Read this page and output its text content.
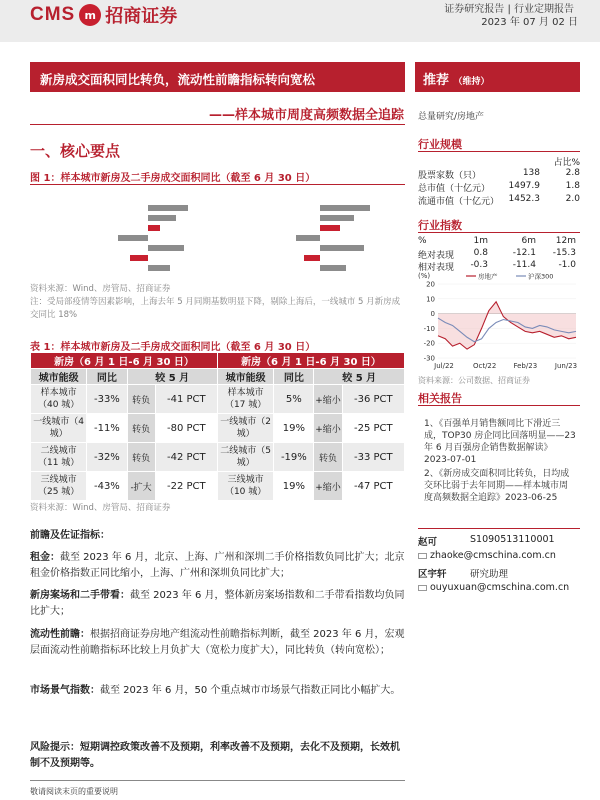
CMS m 招商证券	证券研究报告 | 行业定期报告
2023 年 07 月 02 日
新房成交面积同比转负，流动性前瞻指标转向宽松
——样本城市周度高频数据全追踪
一、核心要点
图 1：样本城市新房及二手房成交面积同比（截至 6 月 30 日）
资料来源：Wind、房管局、招商证券
注：受局部疫情等因素影响，上海去年 5 月同期基数明显下降，剔除上海后，一线城市 5 月新房成交同比 18%
表 1：样本城市新房及二手房成交面积同比（截至 6 月 30 日）
新房（6 月 1 日-6 月 30 日）				新房（6 月 1 日-6 月 30 日）			
城市能级	同比	较 5 月		城市能级	同比	较 5 月	
样本城市（40 城）	-33%	转负	-41 PCT	样本城市（17 城）	5%	+缩小	-36 PCT
一线城市（4 城）	-11%	转负	-80 PCT	一线城市（2 城）	19%	+缩小	-25 PCT
二线城市（11 城）	-32%	转负	-42 PCT	二线城市（5 城）	-19%	转负	-33 PCT
三线城市（25 城）	-43%	-扩大	-22 PCT	三线城市（10 城）	19%	+缩小	-47 PCT
资料来源：Wind、房管局、招商证券
前瞻及佐证指标：
租金：截至 2023 年 6 月，北京、上海、广州和深圳二手价格指数负同比扩大；北京租金价格指数正同比缩小，上海、广州和深圳负同比扩大；
新房案场和二手带看：截至 2023 年 6 月，整体新房案场指数和二手带看指数均负同比扩大；
流动性前瞻：根据招商证券房地产组流动性前瞻指标判断，截至 2023 年 6 月，宏观层面流动性前瞻指标环比较上月负扩大（宽松力度扩大），同比转负（转向宽松）；
市场景气指数：截至 2023 年 6 月，50 个重点城市市场景气指数正同比小幅扩大。
风险提示：短期调控政策改善不及预期，利率改善不及预期，去化不及预期，长效机制不及预期等。
敬请阅读末页的重要说明
推荐 （维持）
总量研究/房地产
行业规模
占比%
股票家数（只）	138	2.8
总市值（十亿元） 1497.9	1.8
流通市值（十亿元） 1452.3	2.0
行业指数
%	1m	6m 12m
绝对表现 0.8	-12.1 -15.3
相对表现 -0.3	-11.4 -1.0
(%)
20
10
0
-10
-20
-30
房地产	沪深300
Jul/22	Oct/22 Feb/23	Jun/23
资料来源：公司数据、招商证券
相关报告
1、《百强单月销售额同比下滑近三成，TOP30 房企同比回落明显——23 年 6 月百强房企销售数据解读》2023-07-01
2、《新房成交面积同比转负，日均成交环比弱于去年同期——样本城市周度高频数据全追踪》2023-06-25
赵可	S1090513110001
zhaoke@cmschina.com.cn
区宇轩 研究助理
ouyuxuan@cmschina.com.cn
